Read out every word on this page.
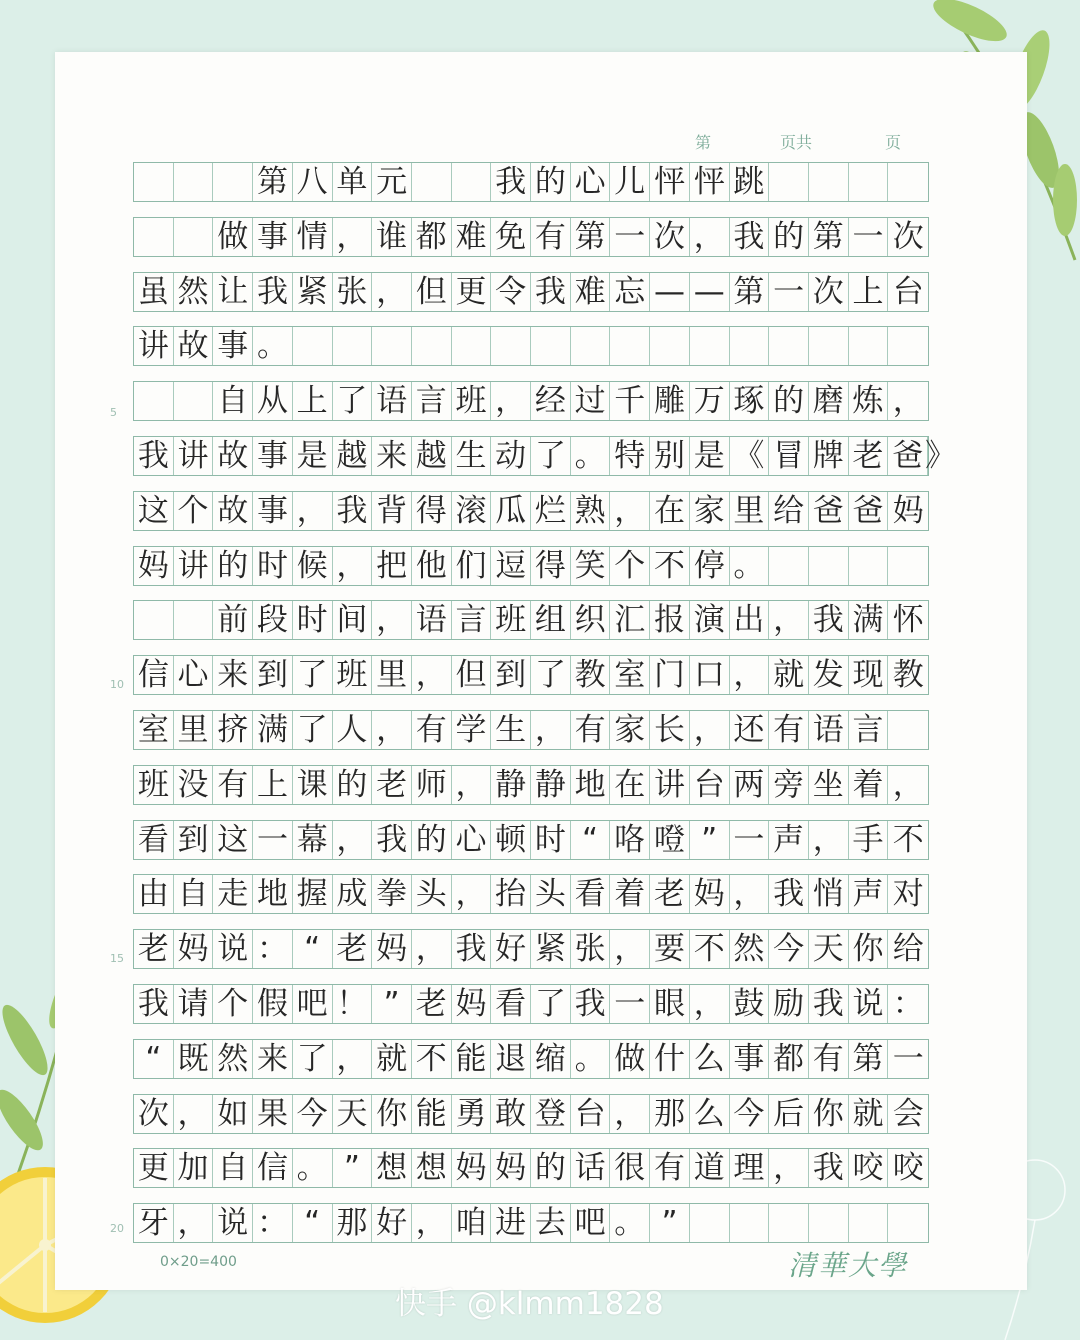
第	页共	页
第 八 单 元	我 的 心 儿 怦 怦 跳
做 事 情 ， 谁 都 难 免 有 第 一 次 ， 我 的 第 一 次
虽 然 让 我 紧 张 ， 但 更 令 我 难 忘 — — 第 一 次 上 台
讲 故 事 。
自 从 上 了 语 言 班 ， 经 过 千 雕 万 琢 的 磨 炼 ，
我 讲 故 事 是 越 来 越 生 动 了 。 特 别 是 《 冒 牌 老 爸 》
这 个 故 事 ， 我 背 得 滚 瓜 烂 熟 ， 在 家 里 给 爸 爸 妈
妈 讲 的 时 候 ， 把 他 们 逗 得 笑 个 不 停 。
前 段 时 间 ， 语 言 班 组 织 汇 报 演 出 ， 我 满 怀
信 心 来 到 了 班 里 ， 但 到 了 教 室 门 口 ， 就 发 现 教
室 里 挤 满 了 人 ， 有 学 生 ， 有 家 长 ， 还 有 语 言
班 没 有 上 课 的 老 师 ， 静 静 地 在 讲 台 两 旁 坐 着 ，
看 到 这 一 幕 ， 我 的 心 顿 时 “ 咯 噔 ” 一 声 ， 手 不
由 自 走 地 握 成 拳 头 ， 抬 头 看 着 老 妈 ， 我 悄 声 对
老 妈 说 ： “ 老 妈 ， 我 好 紧 张 ， 要 不 然 今 天 你 给
我 请 个 假 吧 ！ ” 老 妈 看 了 我 一 眼 ， 鼓 励 我 说 ：
“ 既 然 来 了 ， 就 不 能 退 缩 。 做 什 么 事 都 有 第 一
次 ， 如 果 今 天 你 能 勇 敢 登 台 ， 那 么 今 后 你 就 会
更 加 自 信 。 ” 想 想 妈 妈 的 话 很 有 道 理 ， 我 咬 咬
牙 ， 说 ： “ 那 好 ， 咱 进 去 吧 。 ”
5
10
15
20
0×20=400	清華大學
快手 @klmm1828
